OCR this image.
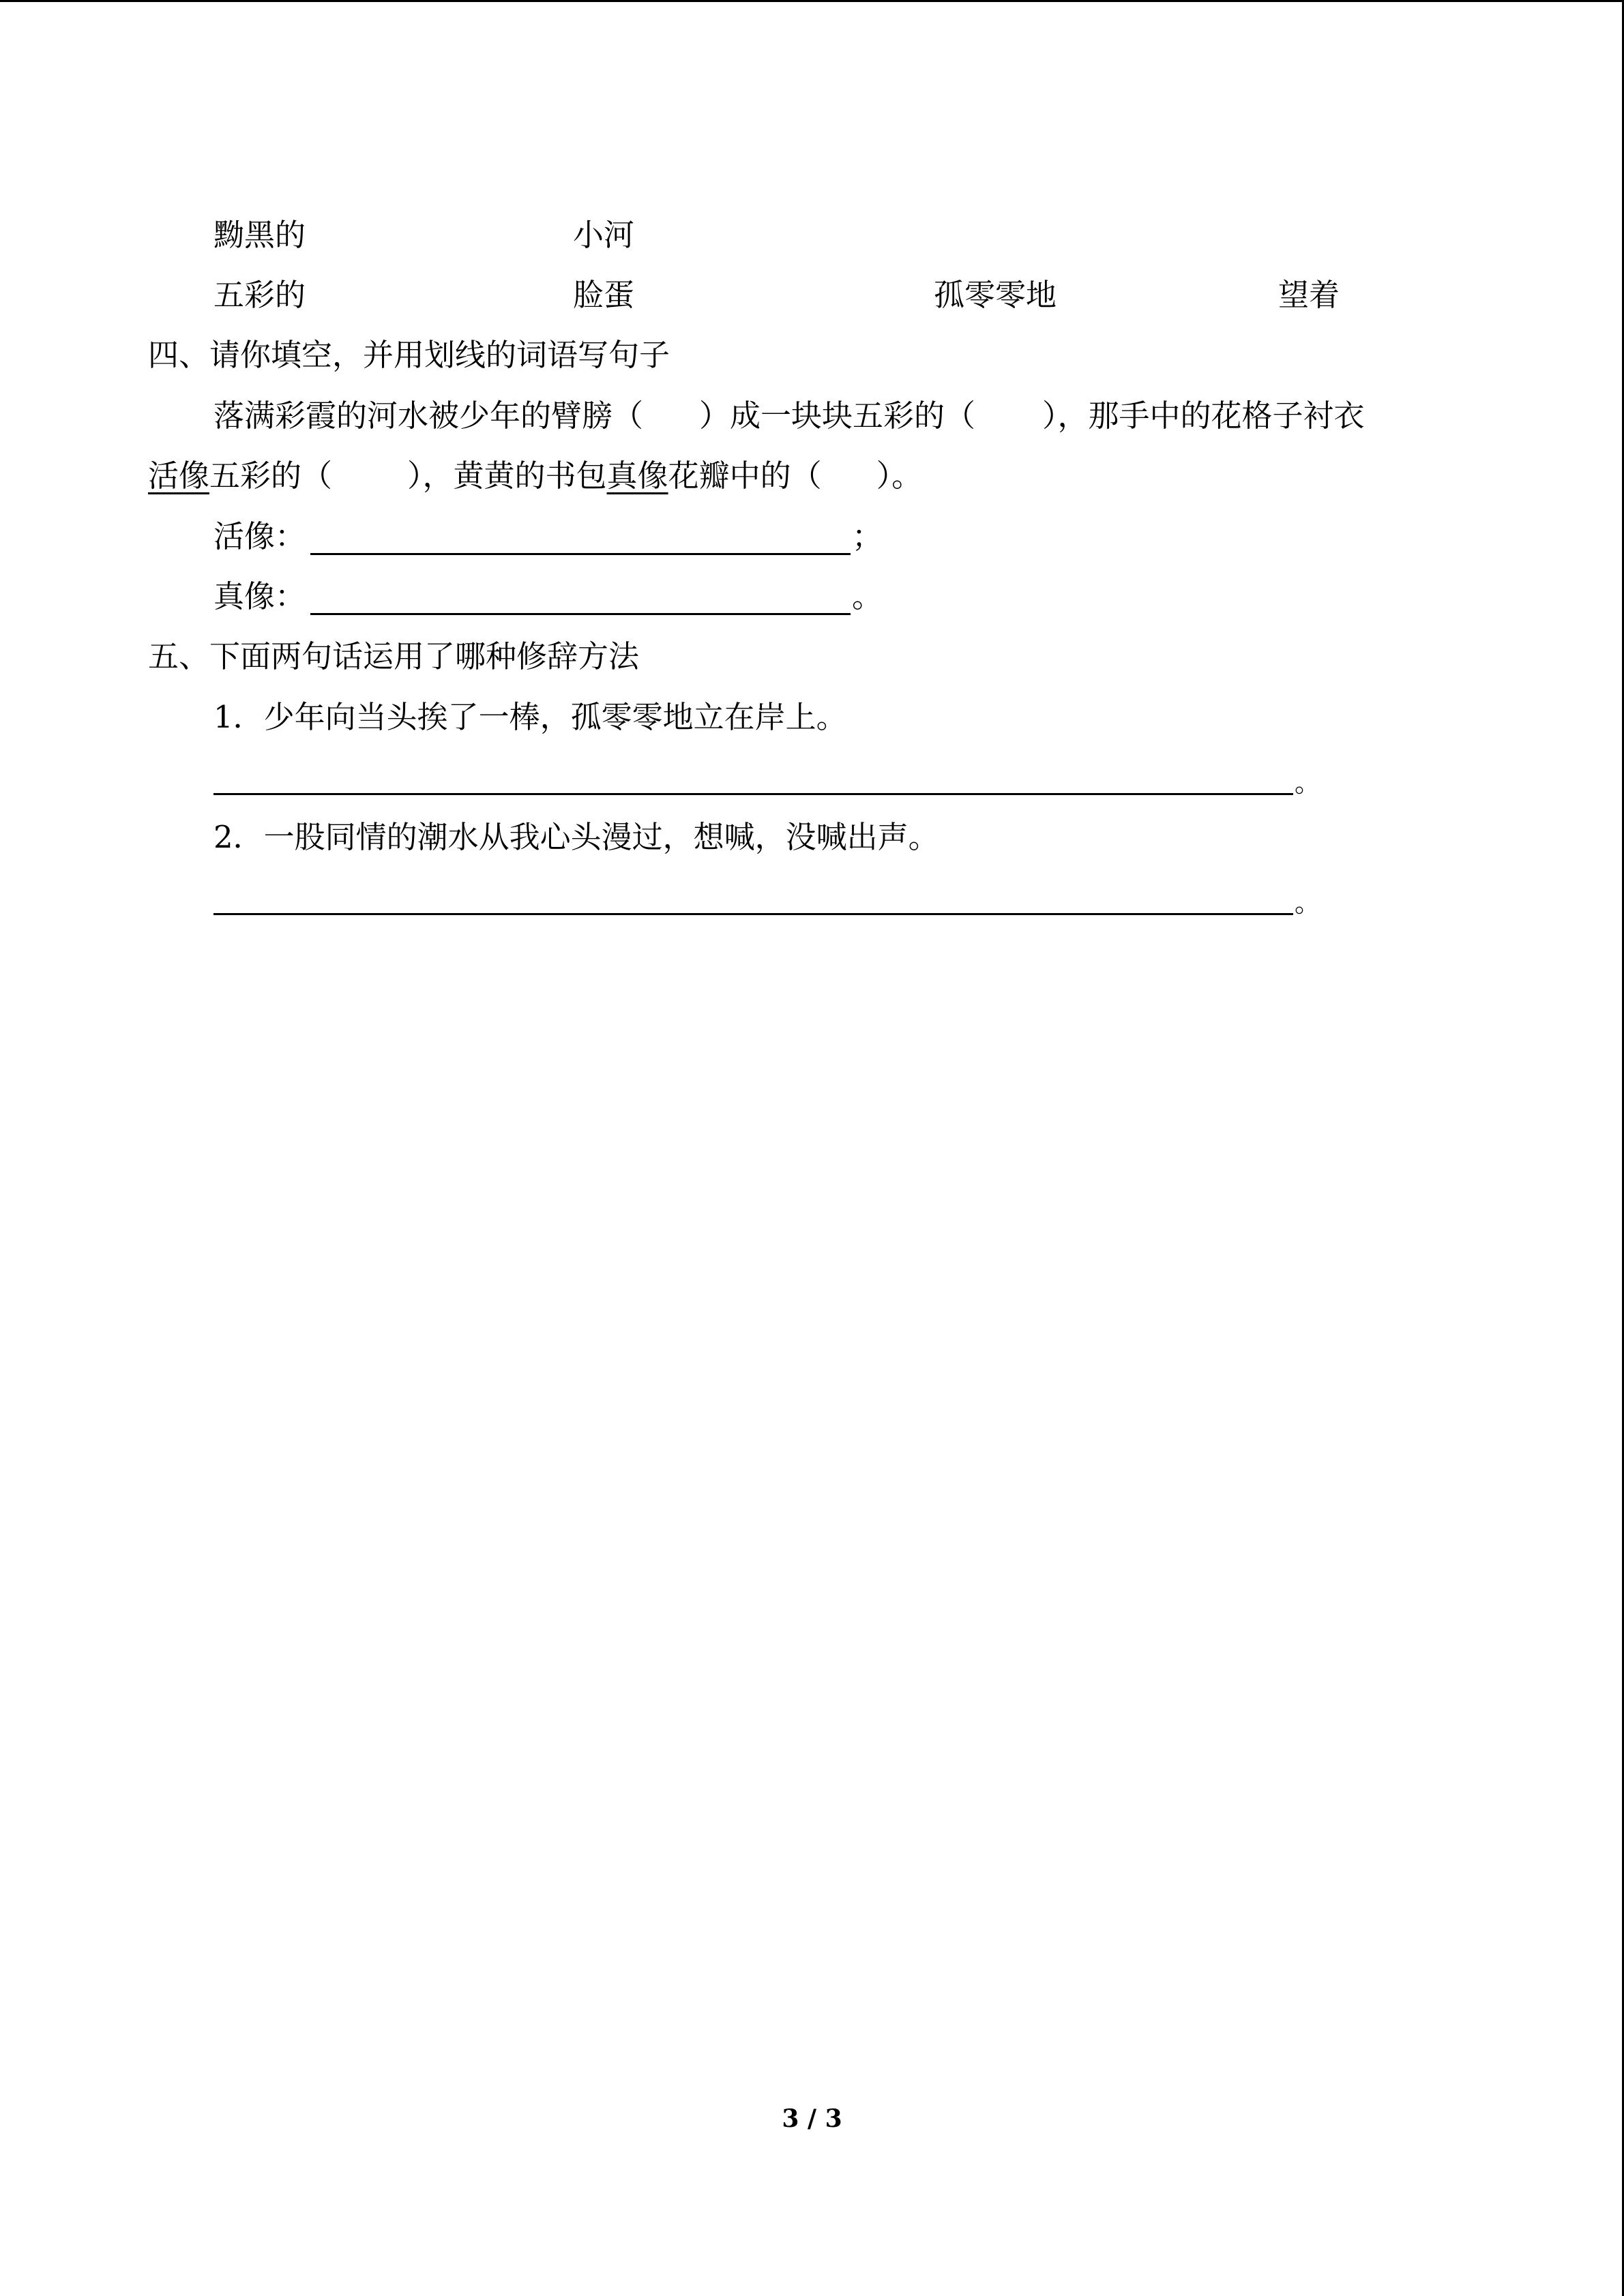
黝黑的	小河
五彩的	脸蛋	孤零零地	望着
四、请你填空，并用划线的词语写句子
落满彩霞的河水被少年的臂膀（ ）成一块块五彩的（ ），那手中的花格子衬衣
活像五彩的（ ），黄黄的书包真像花瓣中的（ ）。
活像：	；
真像：	。
五、下面两句话运用了哪种修辞方法
1．少年向当头挨了一棒，孤零零地立在岸上。
。
2．一股同情的潮水从我心头漫过，想喊，没喊出声。
。
3 / 3
